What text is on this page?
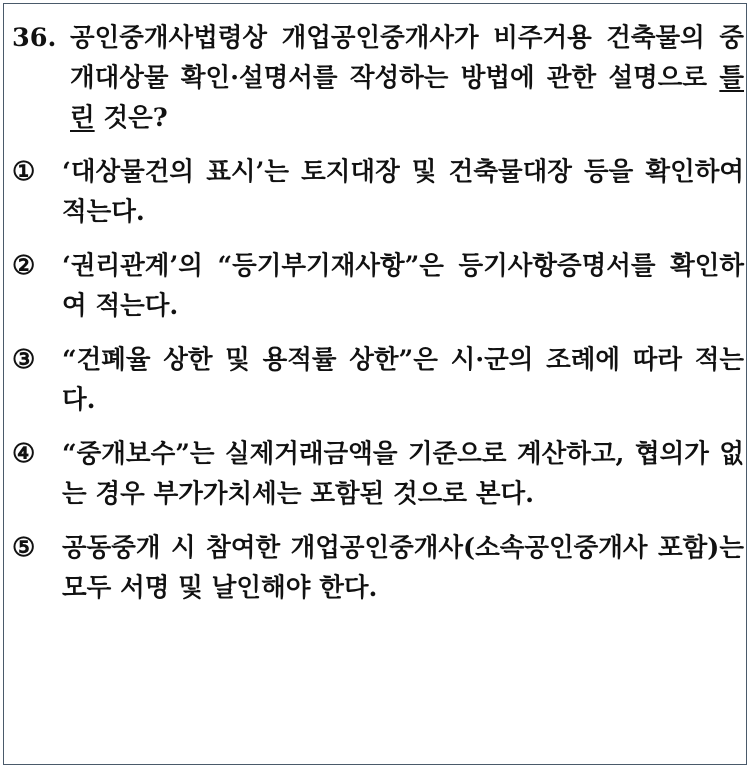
36. 공인중개사법령상 개업공인중개사가 비주거용 건축물의 중개대상물 확인·설명서를 작성하는 방법에 관한 설명으로 틀린 것은?
①	‘대상물건의 표시’는 토지대장 및 건축물대장 등을 확인하여 적는다.
②	‘권리관계’의 “등기부기재사항”은 등기사항증명서를 확인하여 적는다.
③	“건폐율 상한 및 용적률 상한”은 시·군의 조례에 따라 적는다.
④	“중개보수”는 실제거래금액을 기준으로 계산하고, 협의가 없는 경우 부가가치세는 포함된 것으로 본다.
⑤	공동중개 시 참여한 개업공인중개사(소속공인중개사 포함)는 모두 서명 및 날인해야 한다.
